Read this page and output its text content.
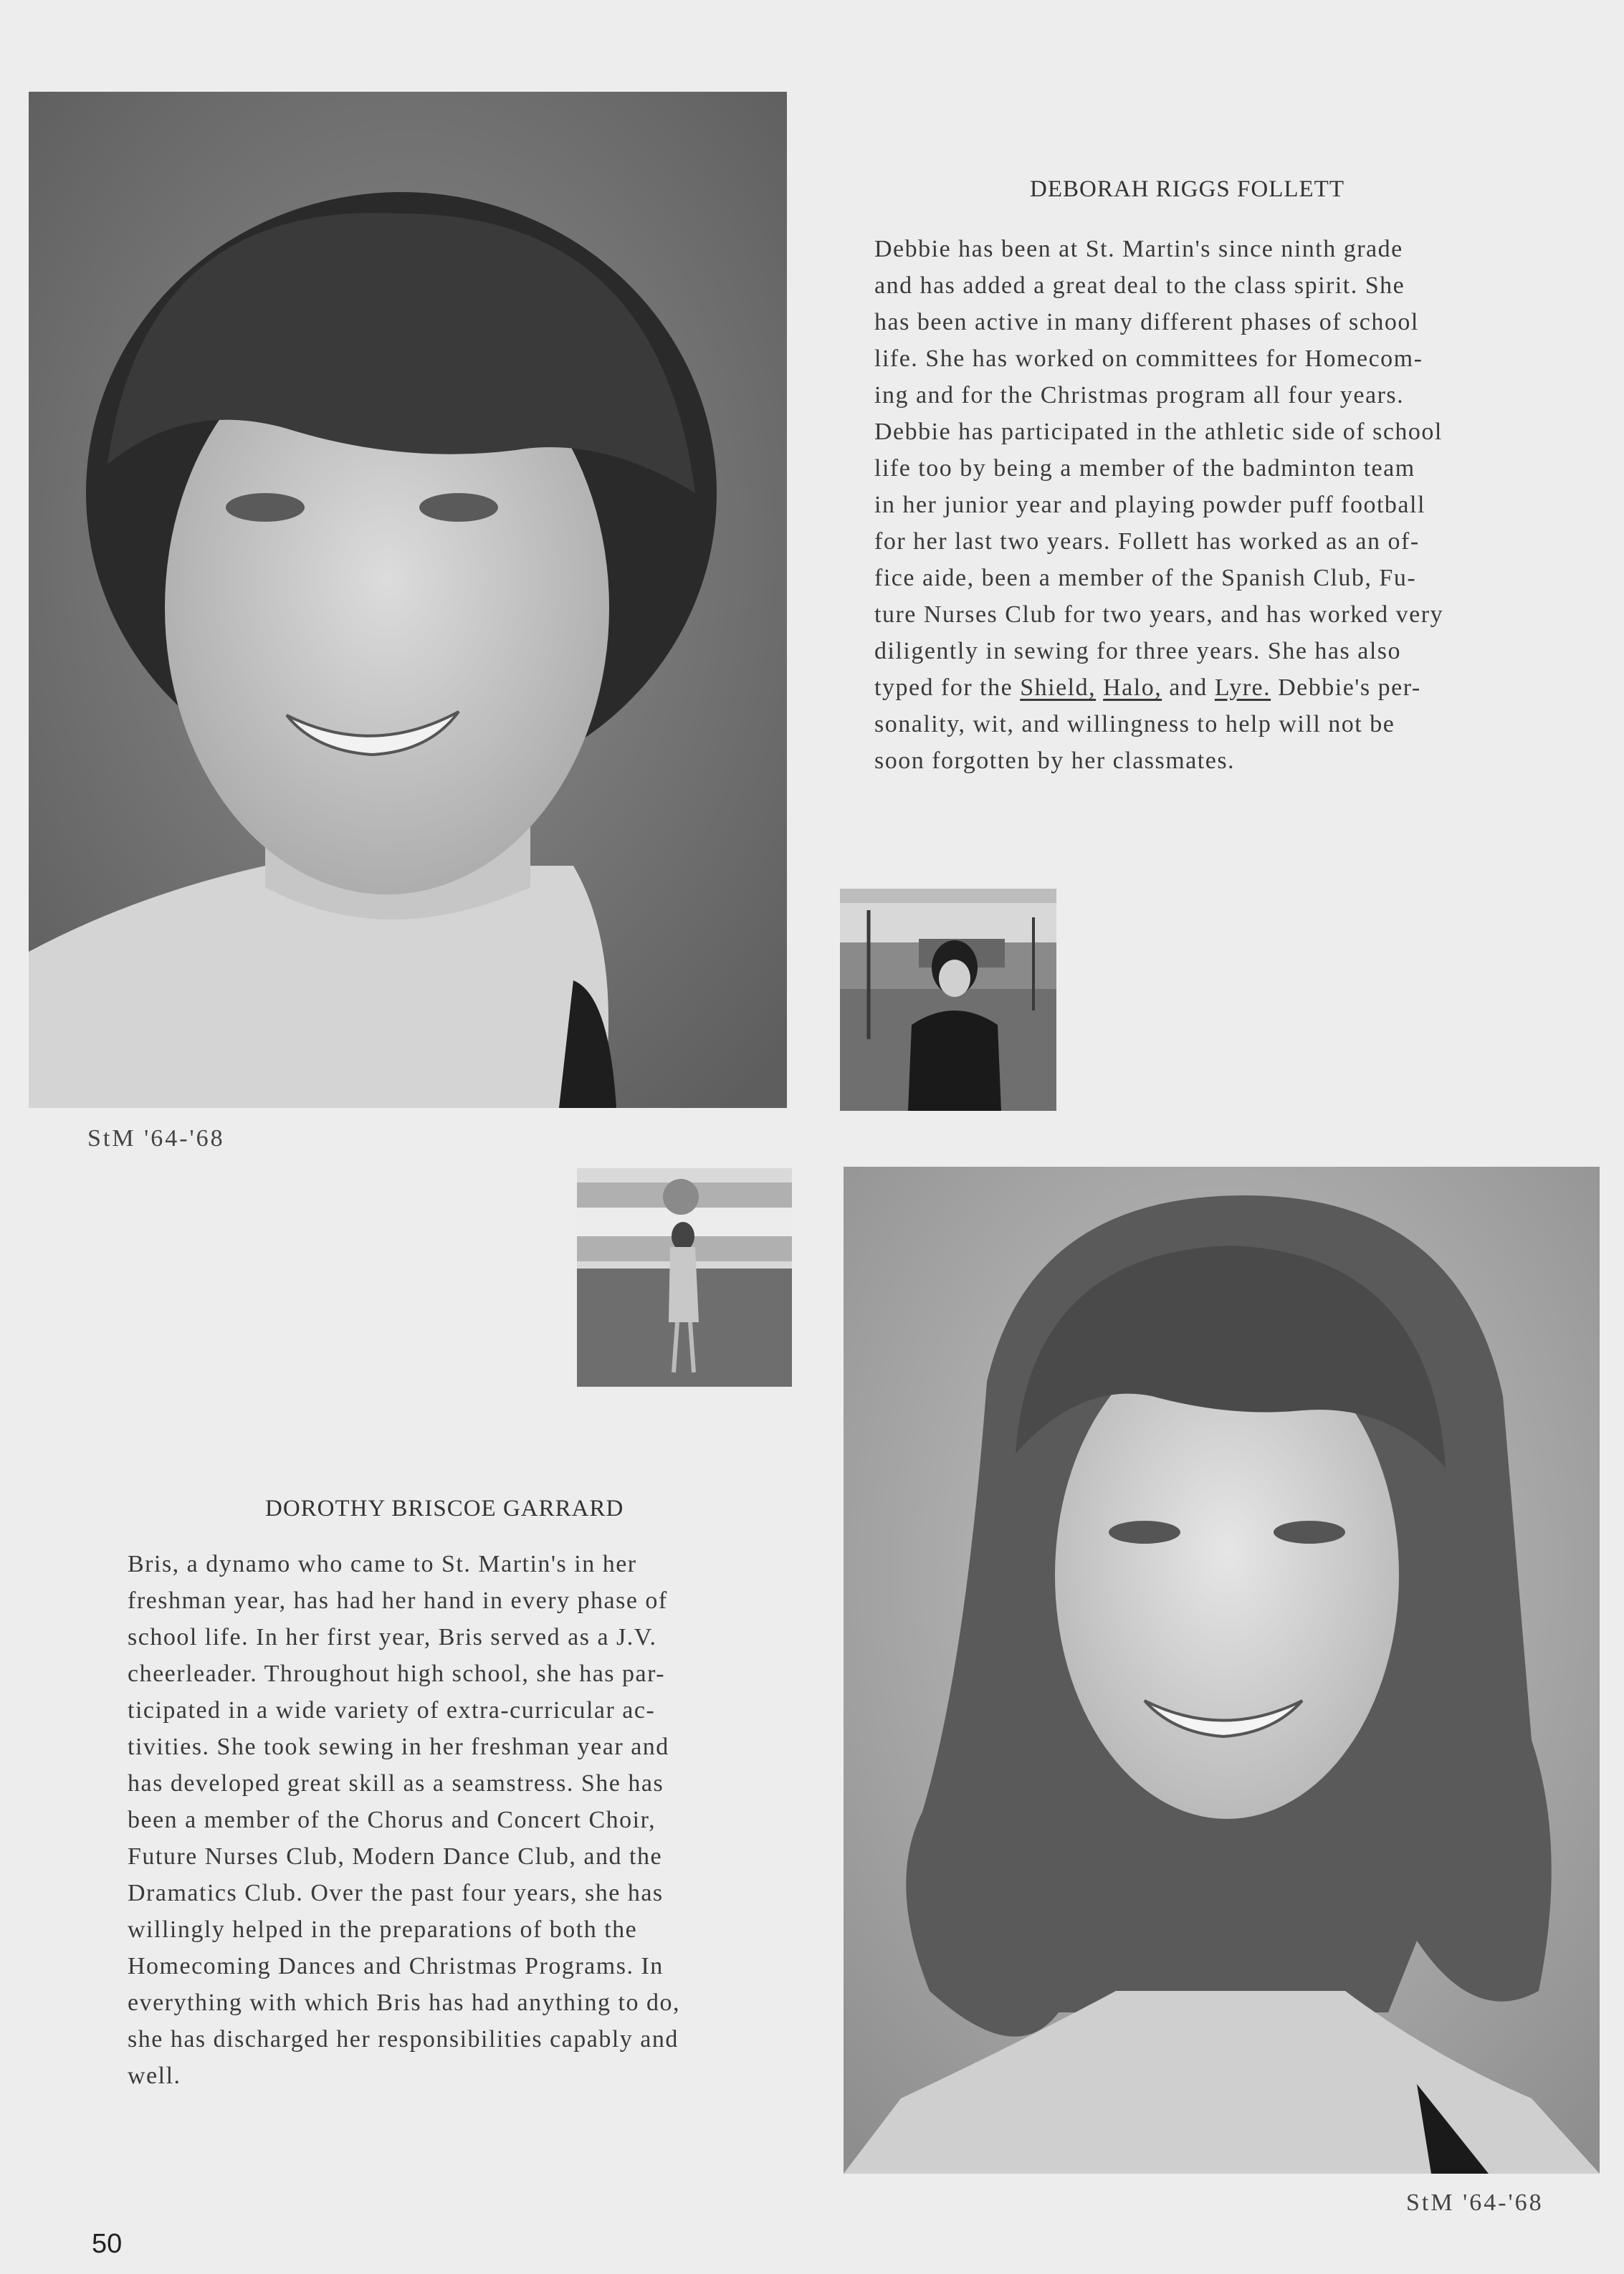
StM '64-'68
DEBORAH RIGGS FOLLETT
Debbie has been at St. Martin's since ninth grade
and has added a great deal to the class spirit. She
has been active in many different phases of school
life. She has worked on committees for Homecom-
ing and for the Christmas program all four years.
Debbie has participated in the athletic side of school
life too by being a member of the badminton team
in her junior year and playing powder puff football
for her last two years. Follett has worked as an of-
fice aide, been a member of the Spanish Club, Fu-
ture Nurses Club for two years, and has worked very
diligently in sewing for three years. She has also
typed for the Shield, Halo, and Lyre. Debbie's per-
sonality, wit, and willingness to help will not be
soon forgotten by her classmates.
DOROTHY BRISCOE GARRARD
Bris, a dynamo who came to St. Martin's in her
freshman year, has had her hand in every phase of
school life. In her first year, Bris served as a J.V.
cheerleader. Throughout high school, she has par-
ticipated in a wide variety of extra-curricular ac-
tivities. She took sewing in her freshman year and
has developed great skill as a seamstress. She has
been a member of the Chorus and Concert Choir,
Future Nurses Club, Modern Dance Club, and the
Dramatics Club. Over the past four years, she has
willingly helped in the preparations of both the
Homecoming Dances and Christmas Programs. In
everything with which Bris has had anything to do,
she has discharged her responsibilities capably and
well.
StM '64-'68
50
